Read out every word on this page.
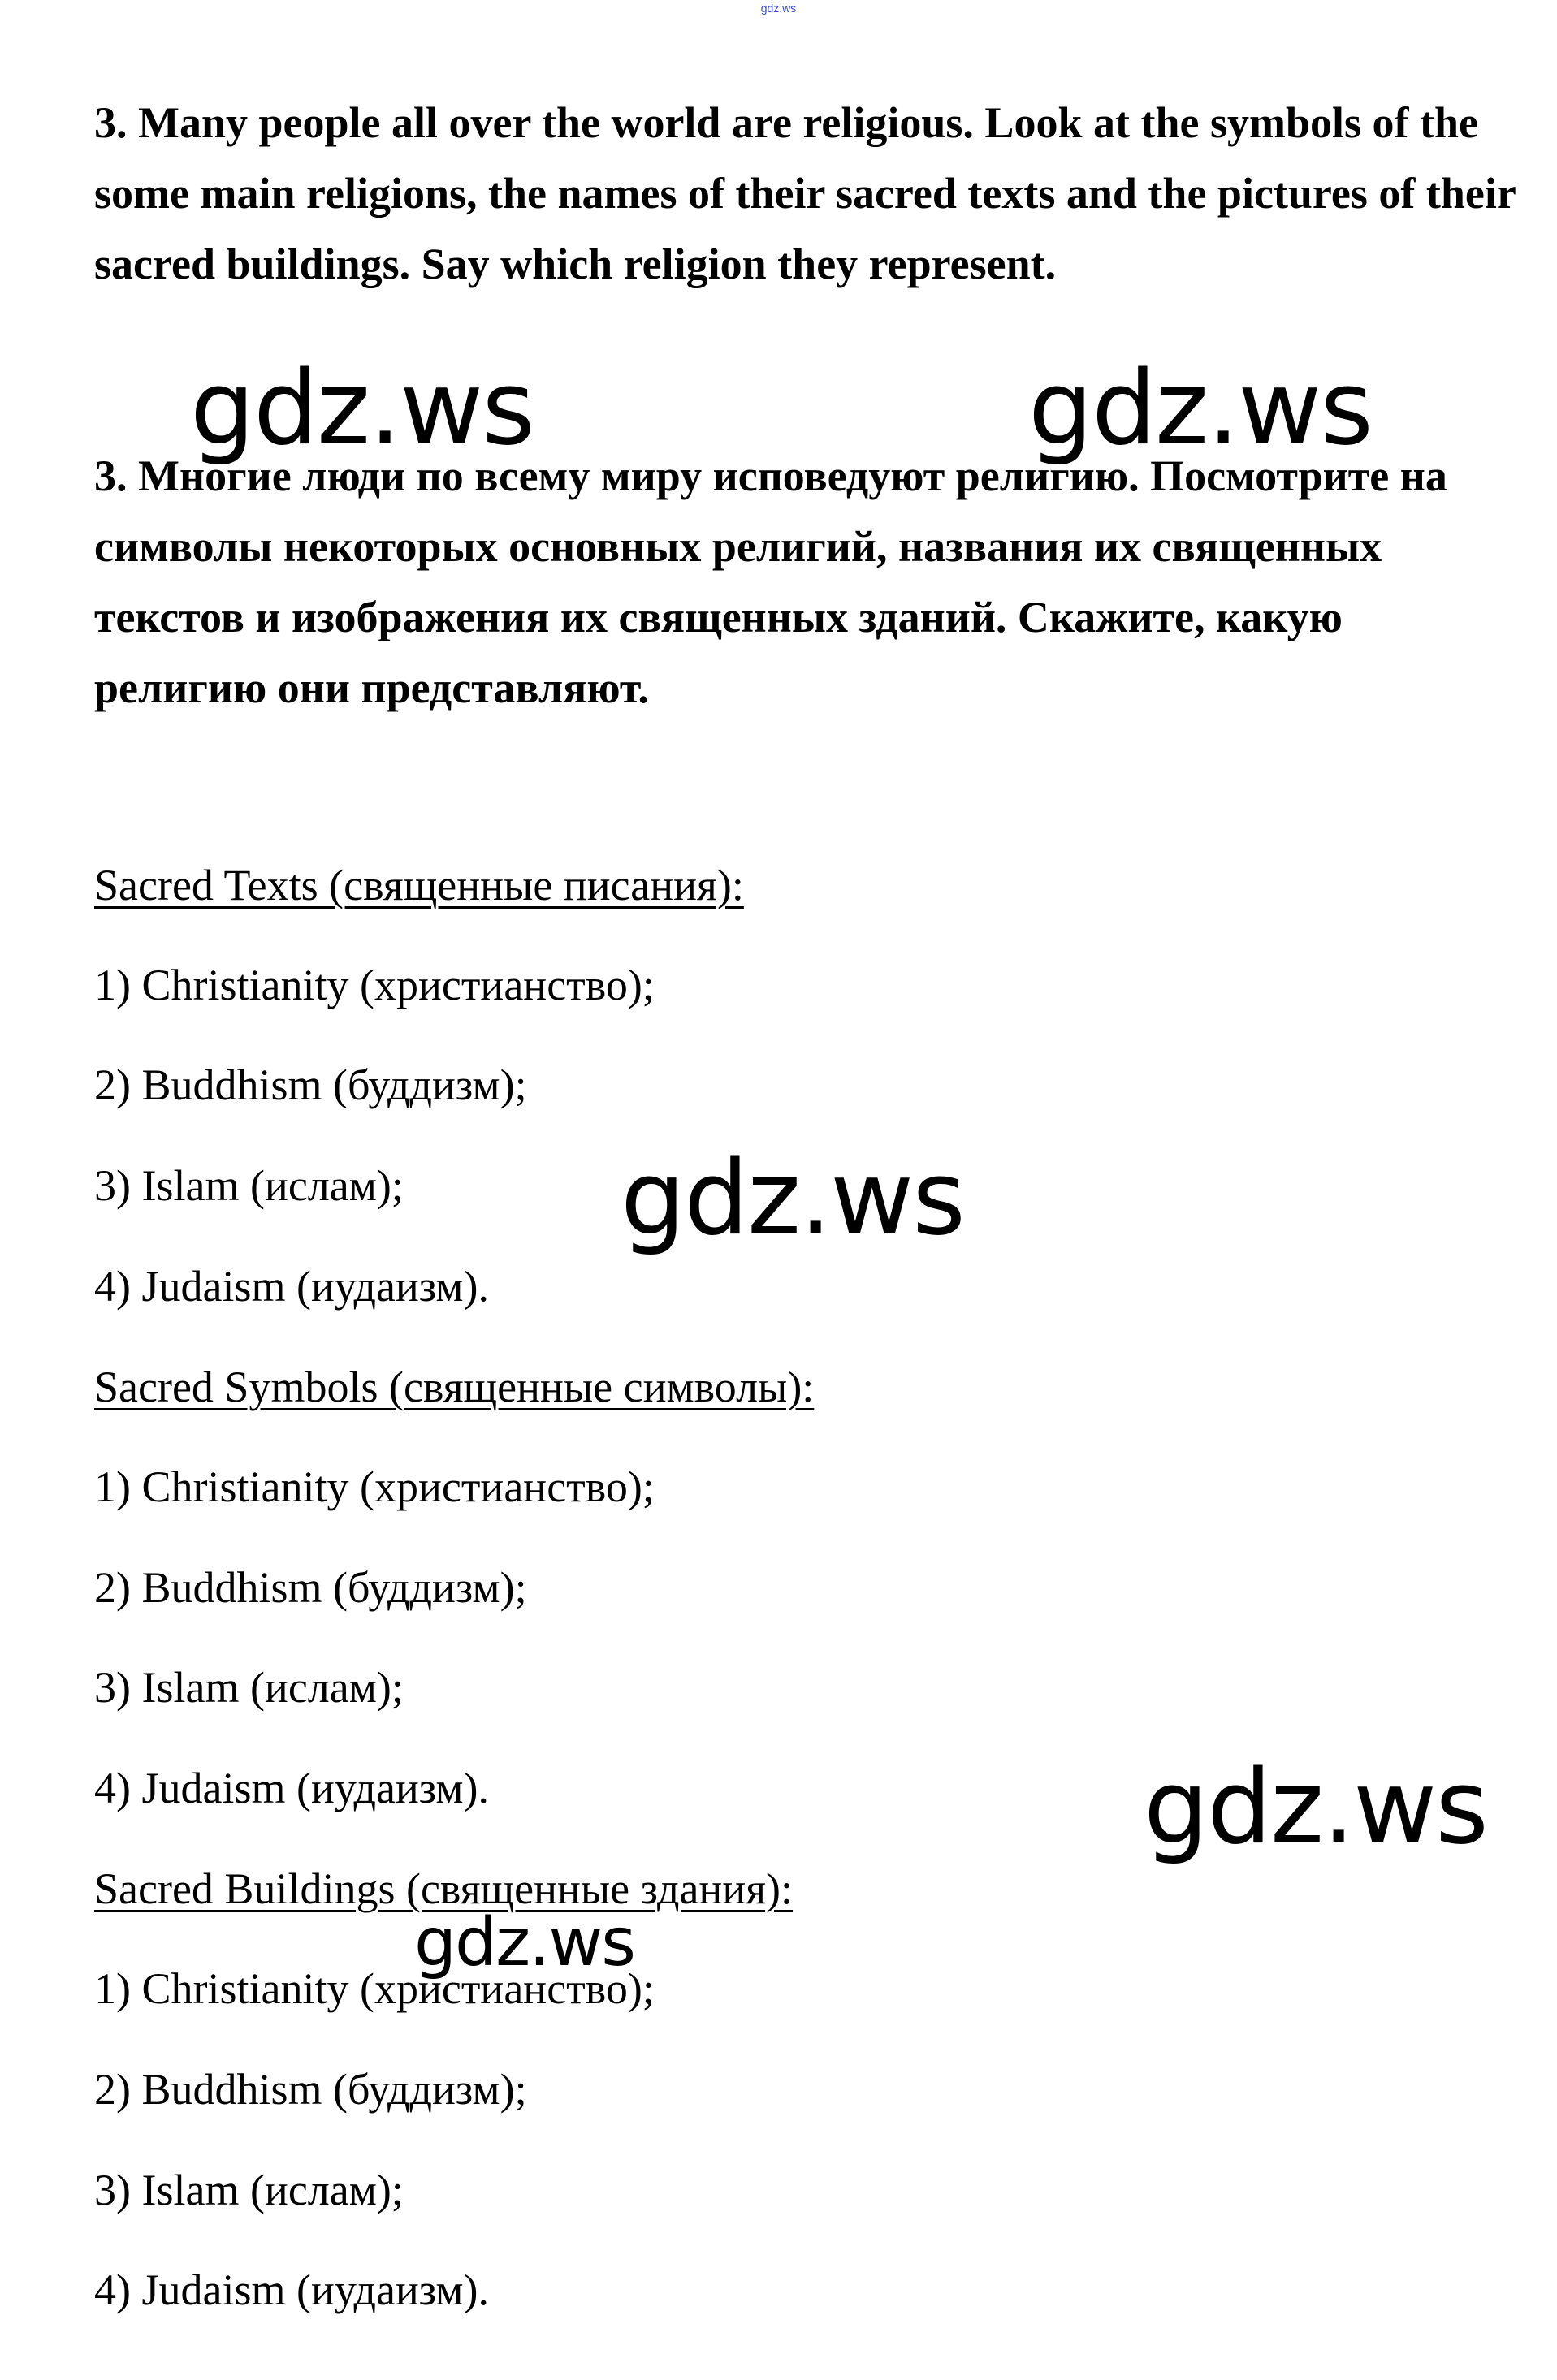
gdz.ws

3. Many people all over the world are religious. Look at the symbols of the some main religions, the names of their sacred texts and the pictures of their sacred buildings. Say which religion they represent.

3. Многие люди по всему миру исповедуют религию. Посмотрите на символы некоторых основных религий, названия их священных текстов и изображения их священных зданий. Скажите, какую религию они представляют.

Sacred Texts (священные писания):

1) Christianity (христианство);

2) Buddhism (буддизм);

3) Islam (ислам);

4) Judaism (иудаизм).

Sacred Symbols (священные символы):

1) Christianity (христианство);

2) Buddhism (буддизм);

3) Islam (ислам);

4) Judaism (иудаизм).

Sacred Buildings (священные здания):

1) Christianity (христианство);

2) Buddhism (буддизм);

3) Islam (ислам);

4) Judaism (иудаизм).

gdz.ws	gdz.ws
gdz.ws
gdz.ws
gdz.ws
